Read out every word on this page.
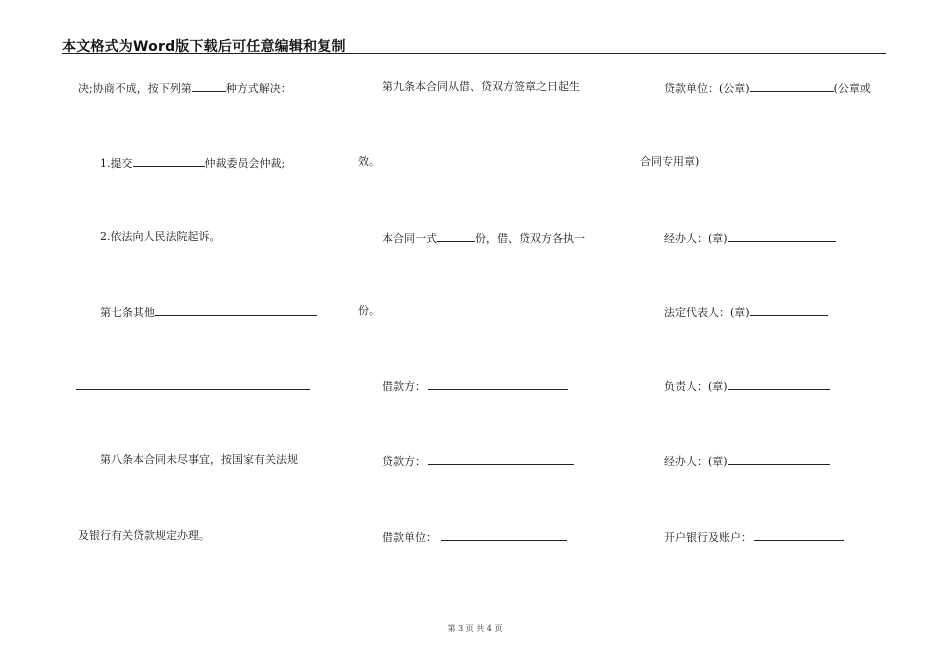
本文格式为Word版下载后可任意编辑和复制
决;协商不成，按下列第	种方式解决：
1.提交	仲裁委员会仲裁;
2.依法向人民法院起诉。
第七条其他
第八条本合同未尽事宜，按国家有关法规
及银行有关贷款规定办理。
第九条本合同从借、贷双方签章之日起生
效。
本合同一式	份，借、贷双方各执一
份。
借款方：
贷款方：
借款单位：
贷款单位：(公章)	(公章或
合同专用章)
经办人：(章)
法定代表人：(章)
负责人：(章)
经办人：(章)
开户银行及账户：
第 3 页 共 4 页
